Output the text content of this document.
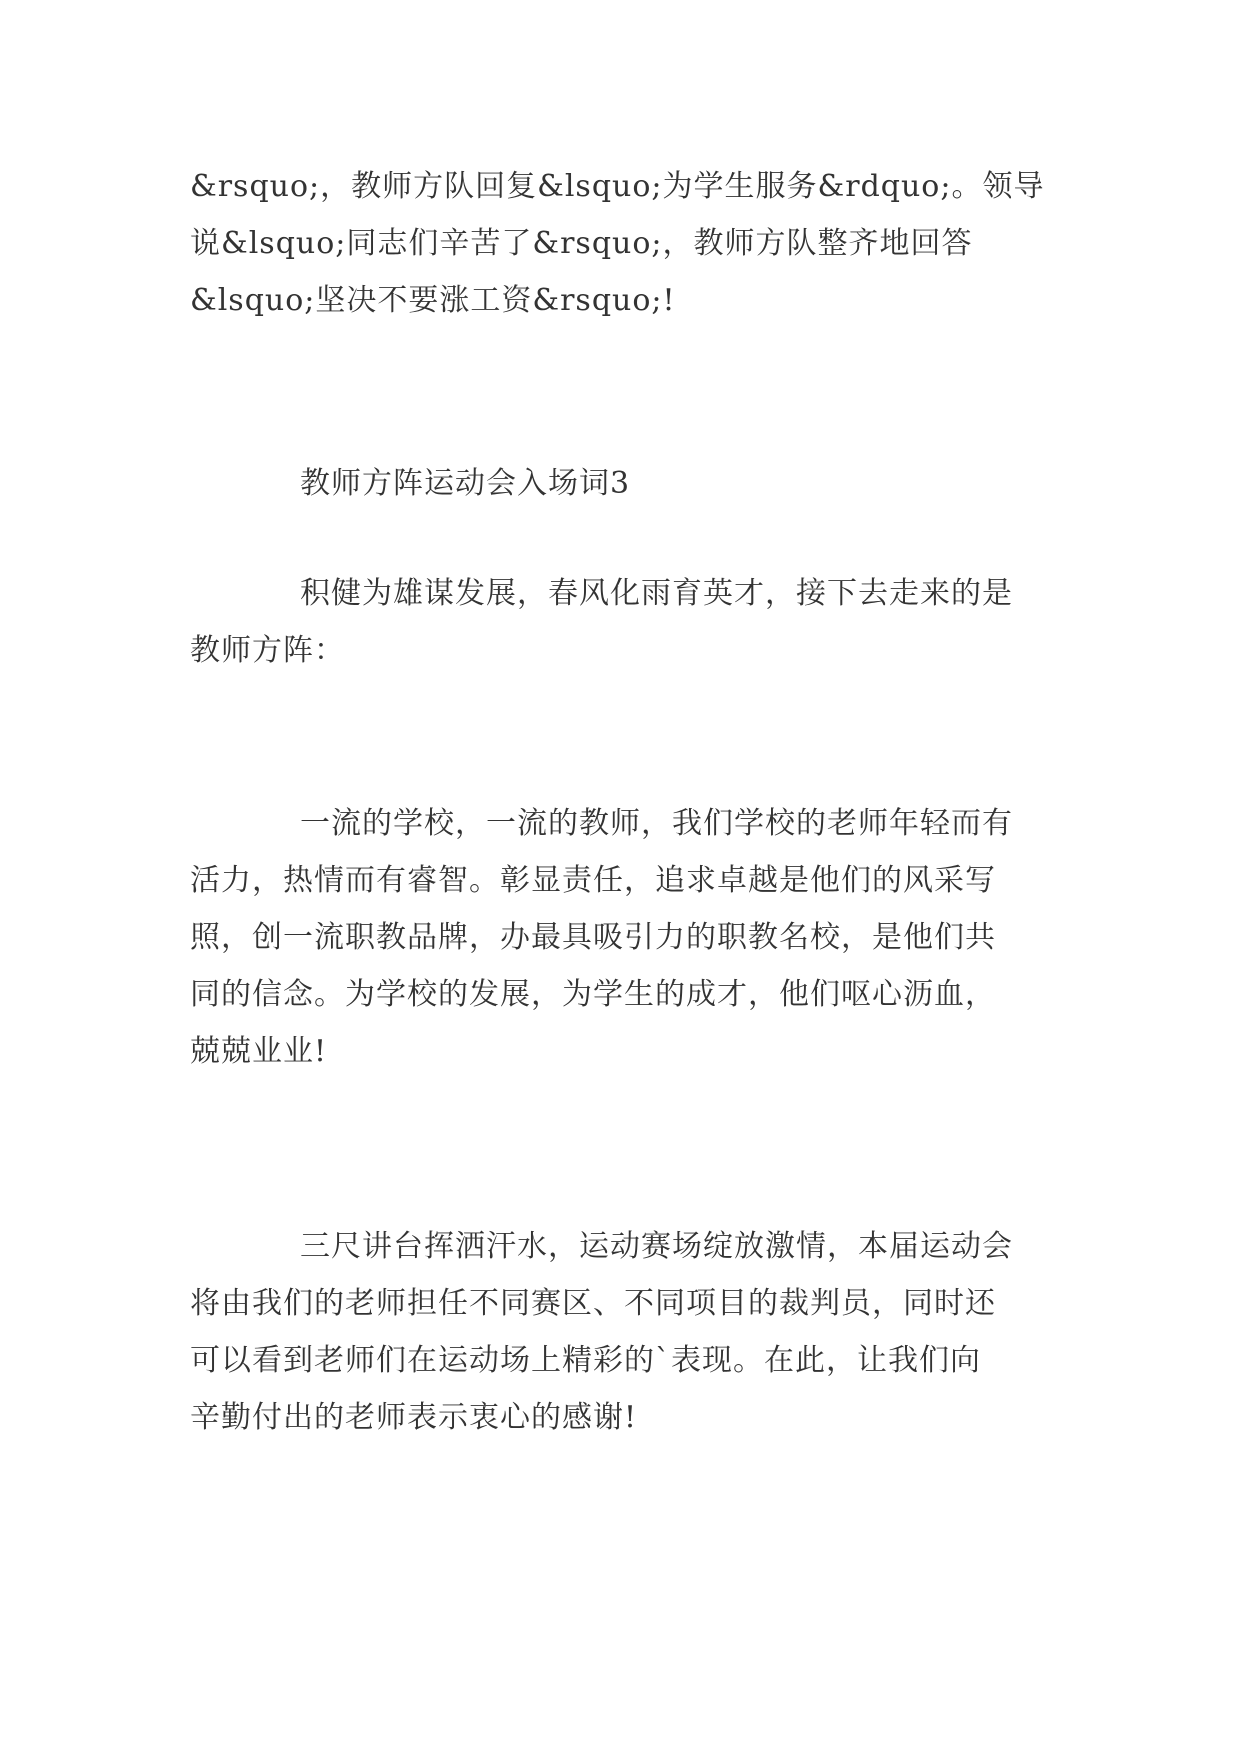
&rsquo;，教师方队回复&lsquo;为学生服务&rdquo;。领导
说&lsquo;同志们辛苦了&rsquo;，教师方队整齐地回答
&lsquo;坚决不要涨工资&rsquo;!
教师方阵运动会入场词3
积健为雄谋发展，春风化雨育英才，接下去走来的是
教师方阵：
一流的学校，一流的教师，我们学校的老师年轻而有
活力，热情而有睿智。彰显责任，追求卓越是他们的风采写
照，创一流职教品牌，办最具吸引力的职教名校，是他们共
同的信念。为学校的发展，为学生的成才，他们呕心沥血，
兢兢业业!
三尺讲台挥洒汗水，运动赛场绽放激情，本届运动会
将由我们的老师担任不同赛区、不同项目的裁判员，同时还
可以看到老师们在运动场上精彩的`表现。在此，让我们向
辛勤付出的老师表示衷心的感谢!
